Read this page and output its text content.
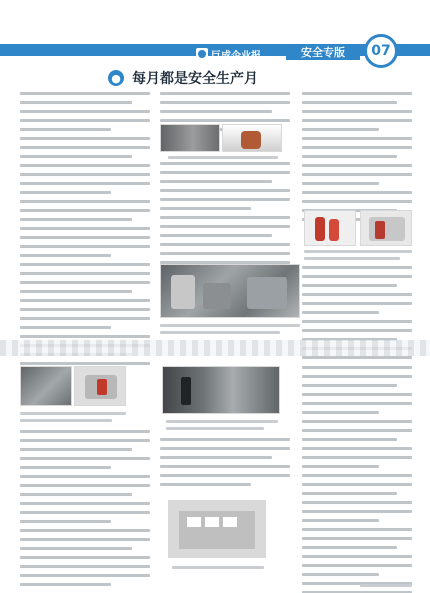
巨成企业报	安全专版	07
● 每月都是安全生产月
